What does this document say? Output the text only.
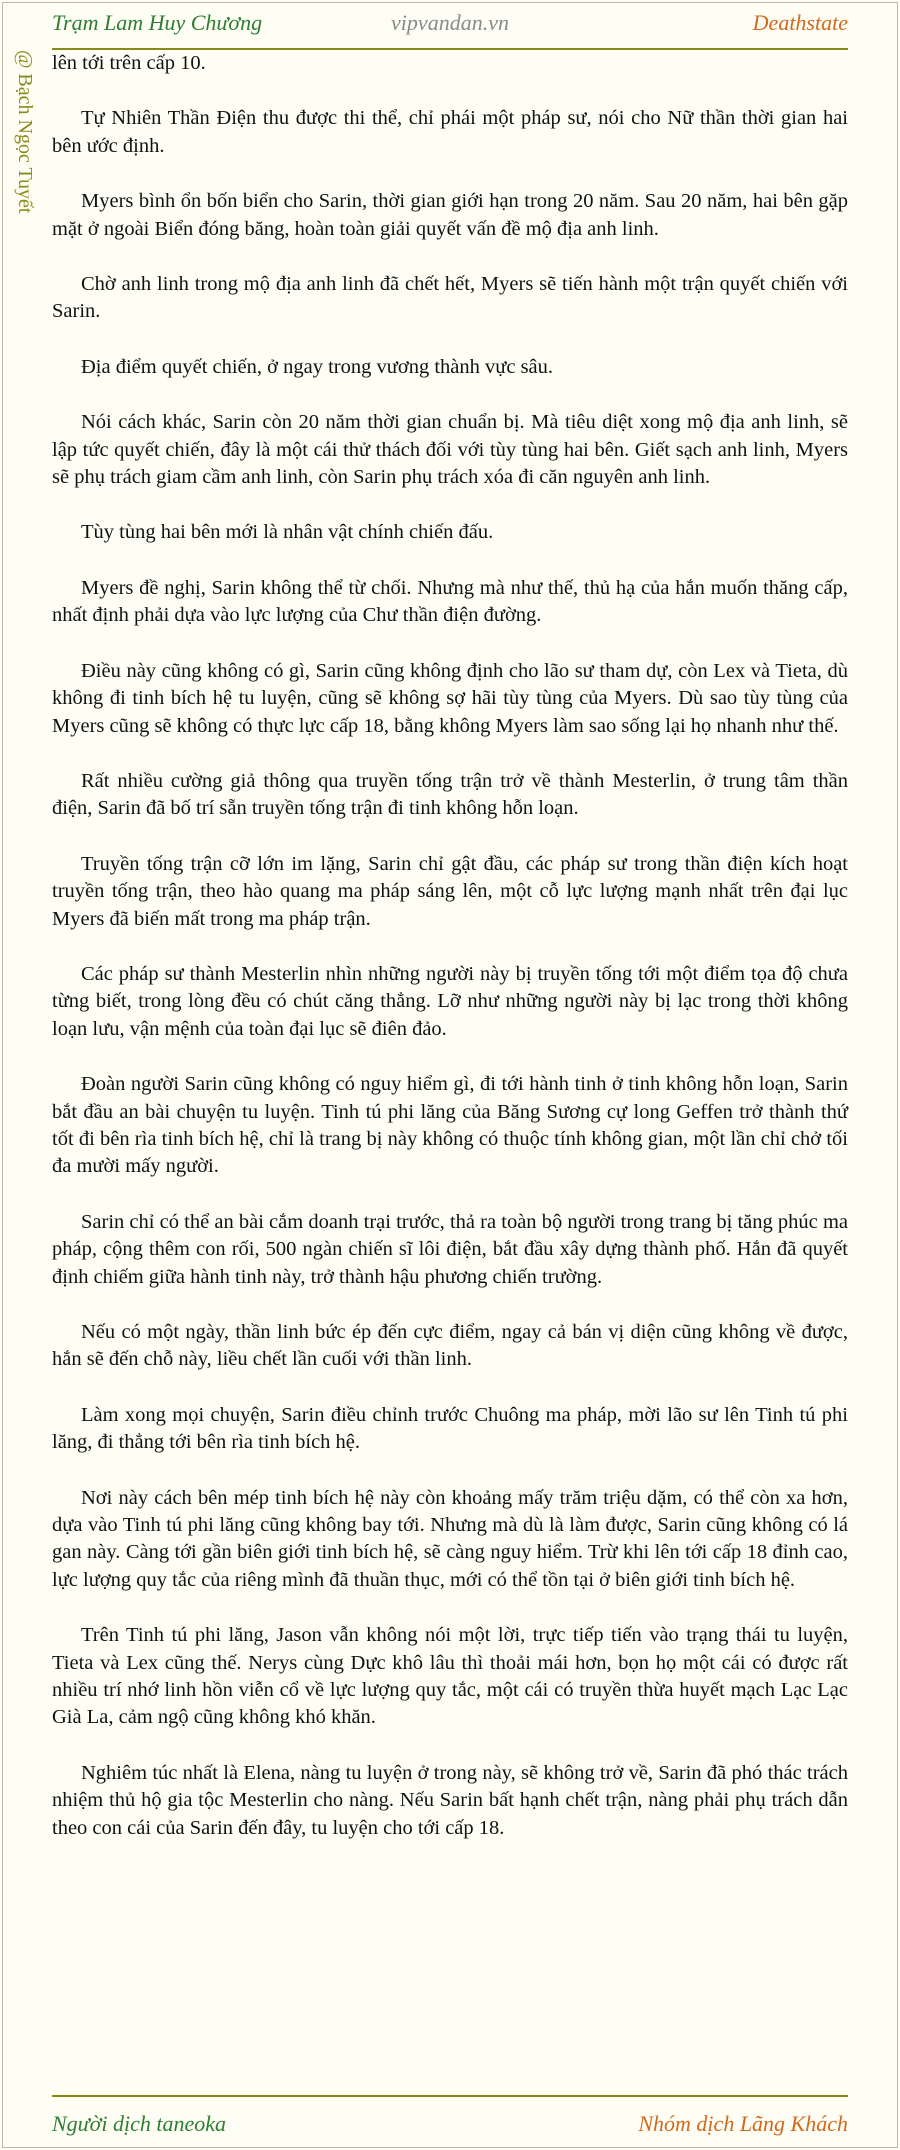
Trạm Lam Huy Chương	vipvandan.vn	Deathstate
@ Bạch Ngọc Tuyết lên tới trên cấp 10.

Tự Nhiên Thần Điện thu được thi thể, chỉ phái một pháp sư, nói cho Nữ thần thời gian hai bên ước định.

Myers bình ổn bốn biển cho Sarin, thời gian giới hạn trong 20 năm. Sau 20 năm, hai bên gặp mặt ở ngoài Biển đóng băng, hoàn toàn giải quyết vấn đề mộ địa anh linh.

Chờ anh linh trong mộ địa anh linh đã chết hết, Myers sẽ tiến hành một trận quyết chiến với Sarin.

Địa điểm quyết chiến, ở ngay trong vương thành vực sâu.

Nói cách khác, Sarin còn 20 năm thời gian chuẩn bị. Mà tiêu diệt xong mộ địa anh linh, sẽ lập tức quyết chiến, đây là một cái thử thách đối với tùy tùng hai bên. Giết sạch anh linh, Myers sẽ phụ trách giam cầm anh linh, còn Sarin phụ trách xóa đi căn nguyên anh linh.

Tùy tùng hai bên mới là nhân vật chính chiến đấu.

Myers đề nghị, Sarin không thể từ chối. Nhưng mà như thế, thủ hạ của hắn muốn thăng cấp, nhất định phải dựa vào lực lượng của Chư thần điện đường.

Điều này cũng không có gì, Sarin cũng không định cho lão sư tham dự, còn Lex và Tieta, dù không đi tinh bích hệ tu luyện, cũng sẽ không sợ hãi tùy tùng của Myers. Dù sao tùy tùng của Myers cũng sẽ không có thực lực cấp 18, bằng không Myers làm sao sống lại họ nhanh như thế.

Rất nhiều cường giả thông qua truyền tống trận trở về thành Mesterlin, ở trung tâm thần điện, Sarin đã bố trí sẵn truyền tống trận đi tinh không hỗn loạn.

Truyền tống trận cỡ lớn im lặng, Sarin chỉ gật đầu, các pháp sư trong thần điện kích hoạt truyền tống trận, theo hào quang ma pháp sáng lên, một cỗ lực lượng mạnh nhất trên đại lục Myers đã biến mất trong ma pháp trận.

Các pháp sư thành Mesterlin nhìn những người này bị truyền tống tới một điểm tọa độ chưa từng biết, trong lòng đều có chút căng thẳng. Lỡ như những người này bị lạc trong thời không loạn lưu, vận mệnh của toàn đại lục sẽ điên đảo.

Đoàn người Sarin cũng không có nguy hiểm gì, đi tới hành tinh ở tinh không hỗn loạn, Sarin bắt đầu an bài chuyện tu luyện. Tinh tú phi lăng của Băng Sương cự long Geffen trở thành thứ tốt đi bên rìa tinh bích hệ, chỉ là trang bị này không có thuộc tính không gian, một lần chỉ chở tối đa mười mấy người.

Sarin chỉ có thể an bài cắm doanh trại trước, thả ra toàn bộ người trong trang bị tăng phúc ma pháp, cộng thêm con rối, 500 ngàn chiến sĩ lôi điện, bắt đầu xây dựng thành phố. Hắn đã quyết định chiếm giữa hành tinh này, trở thành hậu phương chiến trường.

Nếu có một ngày, thần linh bức ép đến cực điểm, ngay cả bán vị diện cũng không về được, hắn sẽ đến chỗ này, liều chết lần cuối với thần linh.

Làm xong mọi chuyện, Sarin điều chỉnh trước Chuông ma pháp, mời lão sư lên Tinh tú phi lăng, đi thẳng tới bên rìa tinh bích hệ.

Nơi này cách bên mép tinh bích hệ này còn khoảng mấy trăm triệu dặm, có thể còn xa hơn, dựa vào Tinh tú phi lăng cũng không bay tới. Nhưng mà dù là làm được, Sarin cũng không có lá gan này. Càng tới gần biên giới tinh bích hệ, sẽ càng nguy hiểm. Trừ khi lên tới cấp 18 đỉnh cao, lực lượng quy tắc của riêng mình đã thuần thục, mới có thể tồn tại ở biên giới tinh bích hệ.

Trên Tinh tú phi lăng, Jason vẫn không nói một lời, trực tiếp tiến vào trạng thái tu luyện, Tieta và Lex cũng thế. Nerys cùng Dực khô lâu thì thoải mái hơn, bọn họ một cái có được rất nhiều trí nhớ linh hồn viễn cổ về lực lượng quy tắc, một cái có truyền thừa huyết mạch Lạc Lạc Già La, cảm ngộ cũng không khó khăn.

Nghiêm túc nhất là Elena, nàng tu luyện ở trong này, sẽ không trở về, Sarin đã phó thác trách nhiệm thủ hộ gia tộc Mesterlin cho nàng. Nếu Sarin bất hạnh chết trận, nàng phải phụ trách dẫn theo con cái của Sarin đến đây, tu luyện cho tới cấp 18.

Người dịch taneoka	Nhóm dịch Lãng Khách
